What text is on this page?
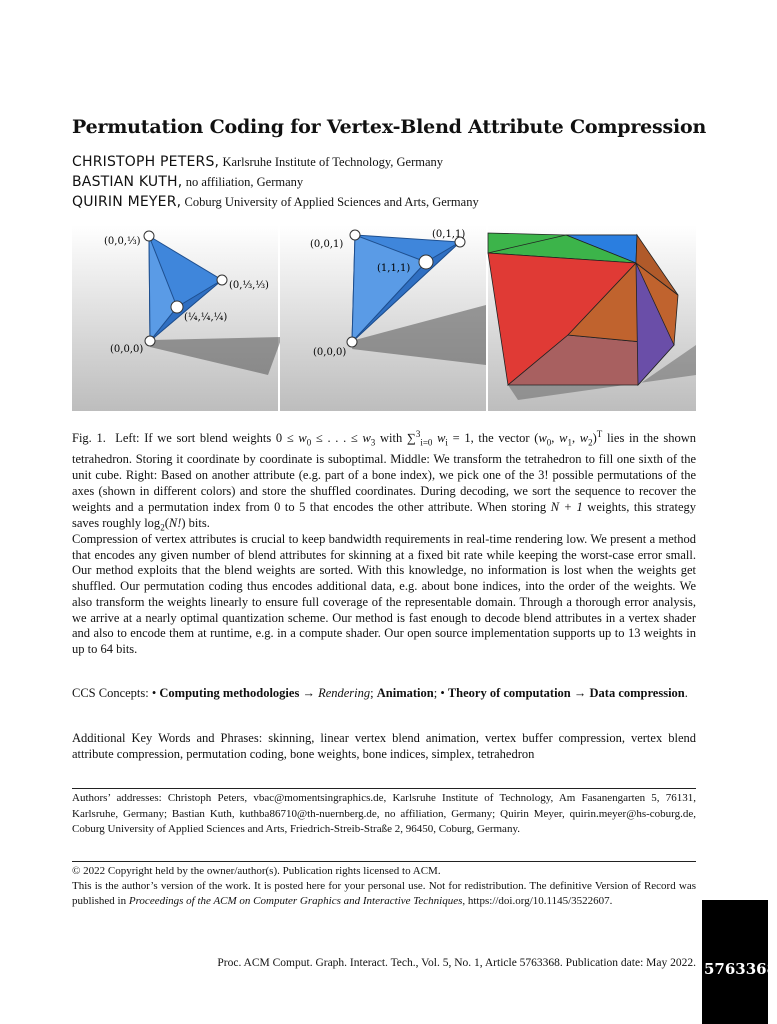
Permutation Coding for Vertex-Blend Attribute Compression
CHRISTOPH PETERS, Karlsruhe Institute of Technology, Germany
BASTIAN KUTH, no affiliation, Germany
QUIRIN MEYER, Coburg University of Applied Sciences and Arts, Germany
(0,0,⅓)
(0,⅓,⅓)
(¼,¼,¼)
(0,0,0)
(0,0,1)
(0,1,1)
(1,1,1)
(0,0,0)
Fig. 1. Left: If we sort blend weights $0 \le w_0$ ≤ . . . ≤ $w_3$ with ∑$^3_{i=0}$ $w_i = 1$, the vector ($w_0$, $w_1$, $w_2)^T$ lies in the shown tetrahedron. Storing it coordinate by coordinate is suboptimal. Middle: We transform the tetrahedron to fill one sixth of the unit cube. Right: Based on another attribute (e.g. part of a bone index), we pick one of the 3! possible permutations of the axes (shown in different colors) and store the shuffled coordinates. During decoding, we sort the sequence to recover the weights and a permutation index from 0 to 5 that encodes the other attribute. When storing N + 1 weights, this strategy saves roughly $\log_2(N!)$ bits.
Compression of vertex attributes is crucial to keep bandwidth requirements in real-time rendering low. We present a method that encodes any given number of blend attributes for skinning at a fixed bit rate while keeping the worst-case error small. Our method exploits that the blend weights are sorted. With this knowledge, no information is lost when the weights get shuffled. Our permutation coding thus encodes additional data, e.g. about bone indices, into the order of the weights. We also transform the weights linearly to ensure full coverage of the representable domain. Through a thorough error analysis, we arrive at a nearly optimal quantization scheme. Our method is fast enough to decode blend attributes in a vertex shader and also to encode them at runtime, e.g. in a compute shader. Our open source implementation supports up to 13 weights in up to 64 bits.
CCS Concepts: • Computing methodologies → Rendering; Animation; • Theory of computation → Data compression.
Additional Key Words and Phrases: skinning, linear vertex blend animation, vertex buffer compression, vertex blend attribute compression, permutation coding, bone weights, bone indices, simplex, tetrahedron
Authors’ addresses: Christoph Peters, vbac@momentsingraphics.de, Karlsruhe Institute of Technology, Am Fasanengarten 5, 76131, Karlsruhe, Germany; Bastian Kuth, kuthba86710@th-nuernberg.de, no affiliation, Germany; Quirin Meyer, quirin.meyer@hs-coburg.de, Coburg University of Applied Sciences and Arts, Friedrich-Streib-Straße 2, 96450, Coburg, Germany.
© 2022 Copyright held by the owner/author(s). Publication rights licensed to ACM.
This is the author’s version of the work. It is posted here for your personal use. Not for redistribution. The definitive Version of Record was published in Proceedings of the ACM on Computer Graphics and Interactive Techniques, https://doi.org/10.1145/3522607.
Proc. ACM Comput. Graph. Interact. Tech., Vol. 5, No. 1, Article 5763368. Publication date: May 2022. 5763368
